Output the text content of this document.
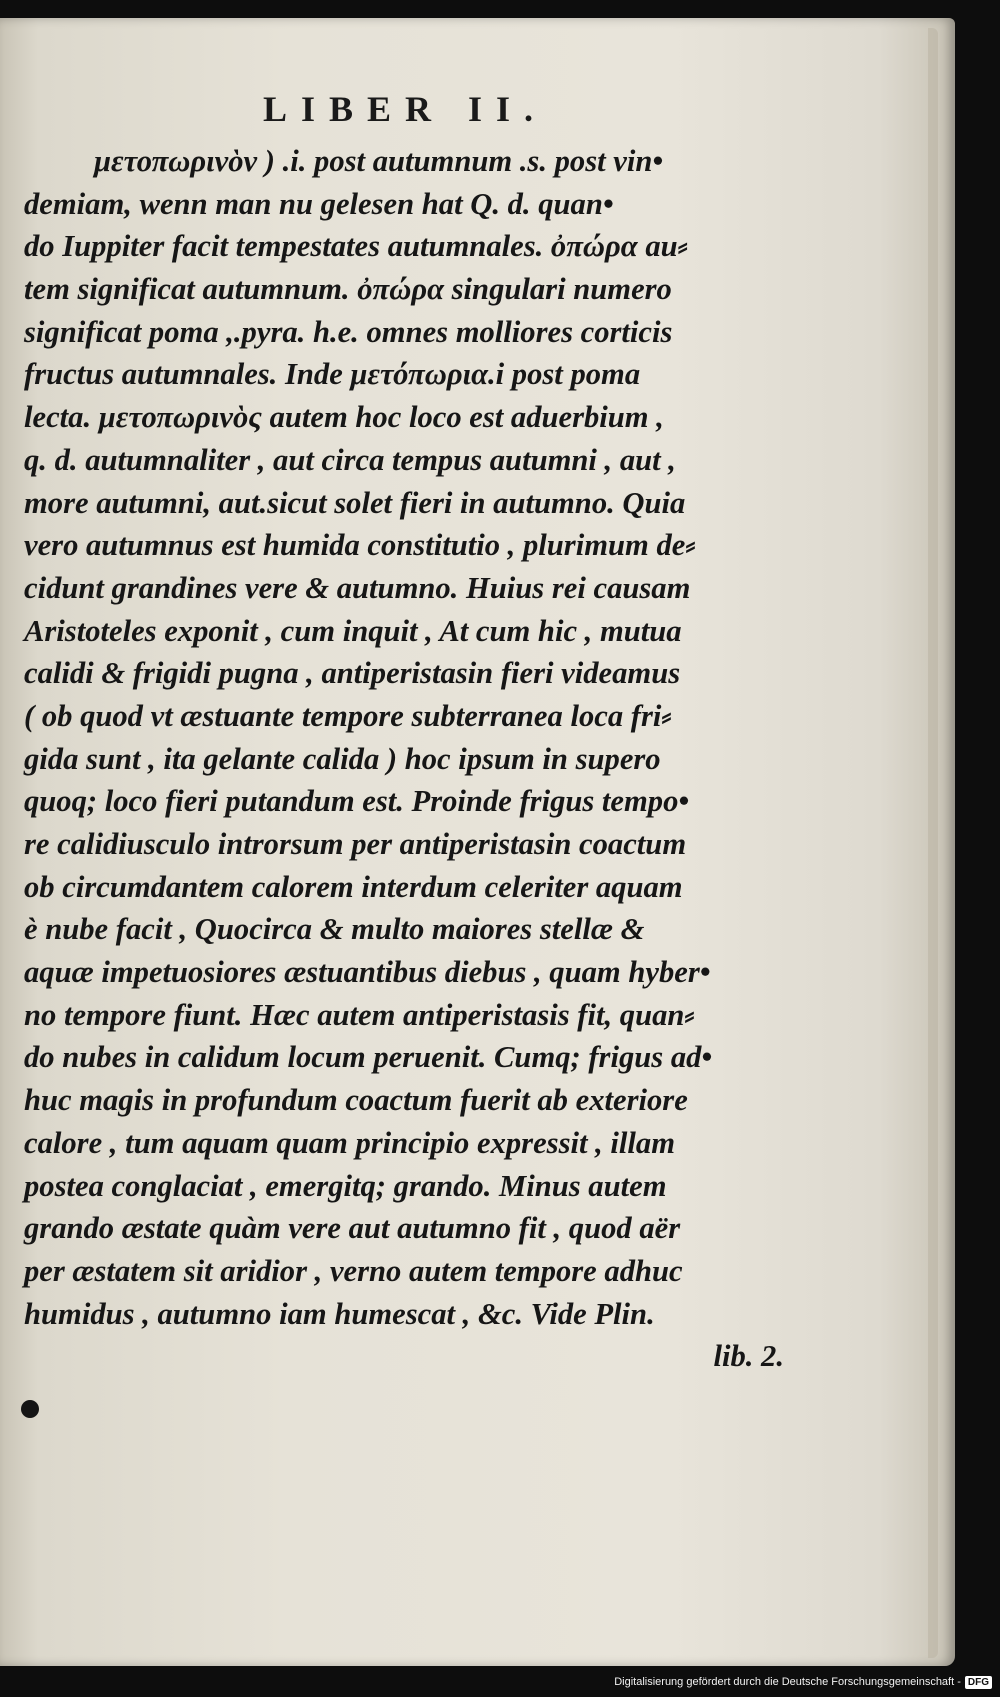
LIBER II.
μετοπωρινὸν ) .i. post autumnum .s. post vin•
demiam, wenn man nu gelesen hat Q. d. quan•
do Iuppiter facit tempestates autumnales. ὀπώρα au⸗
tem significat autumnum. ὀπώρα singulari numero
significat poma ,.pyra. h.e. omnes molliores corticis
fructus autumnales. Inde μετόπωρια.i post poma
lecta. μετοπωρινὸς autem hoc loco est aduerbium ,
q. d. autumnaliter , aut circa tempus autumni , aut ,
more autumni, aut.sicut solet fieri in autumno. Quia
vero autumnus est humida constitutio , plurimum de⸗
cidunt grandines vere & autumno. Huius rei causam
Aristoteles exponit , cum inquit , At cum hic , mutua
calidi & frigidi pugna , antiperistasin fieri videamus
( ob quod vt æstuante tempore subterranea loca fri⸗
gida sunt , ita gelante calida ) hoc ipsum in supero
quoq; loco fieri putandum est. Proinde frigus tempo•
re calidiusculo introrsum per antiperistasin coactum
ob circumdantem calorem interdum celeriter aquam
è nube facit , Quocirca & multo maiores stellæ &
aquæ impetuosiores æstuantibus diebus , quam hyber•
no tempore fiunt. Hæc autem antiperistasis fit, quan⸗
do nubes in calidum locum peruenit. Cumq; frigus ad•
huc magis in profundum coactum fuerit ab exteriore
calore , tum aquam quam principio expressit , illam
postea conglaciat , emergitq; grando. Minus autem
grando æstate quàm vere aut autumno fit , quod aër
per æstatem sit aridior , verno autem tempore adhuc
humidus , autumno iam humescat , &c. Vide Plin.
lib. 2.
Digitalisierung gefördert durch die Deutsche Forschungsgemeinschaft - DFG
